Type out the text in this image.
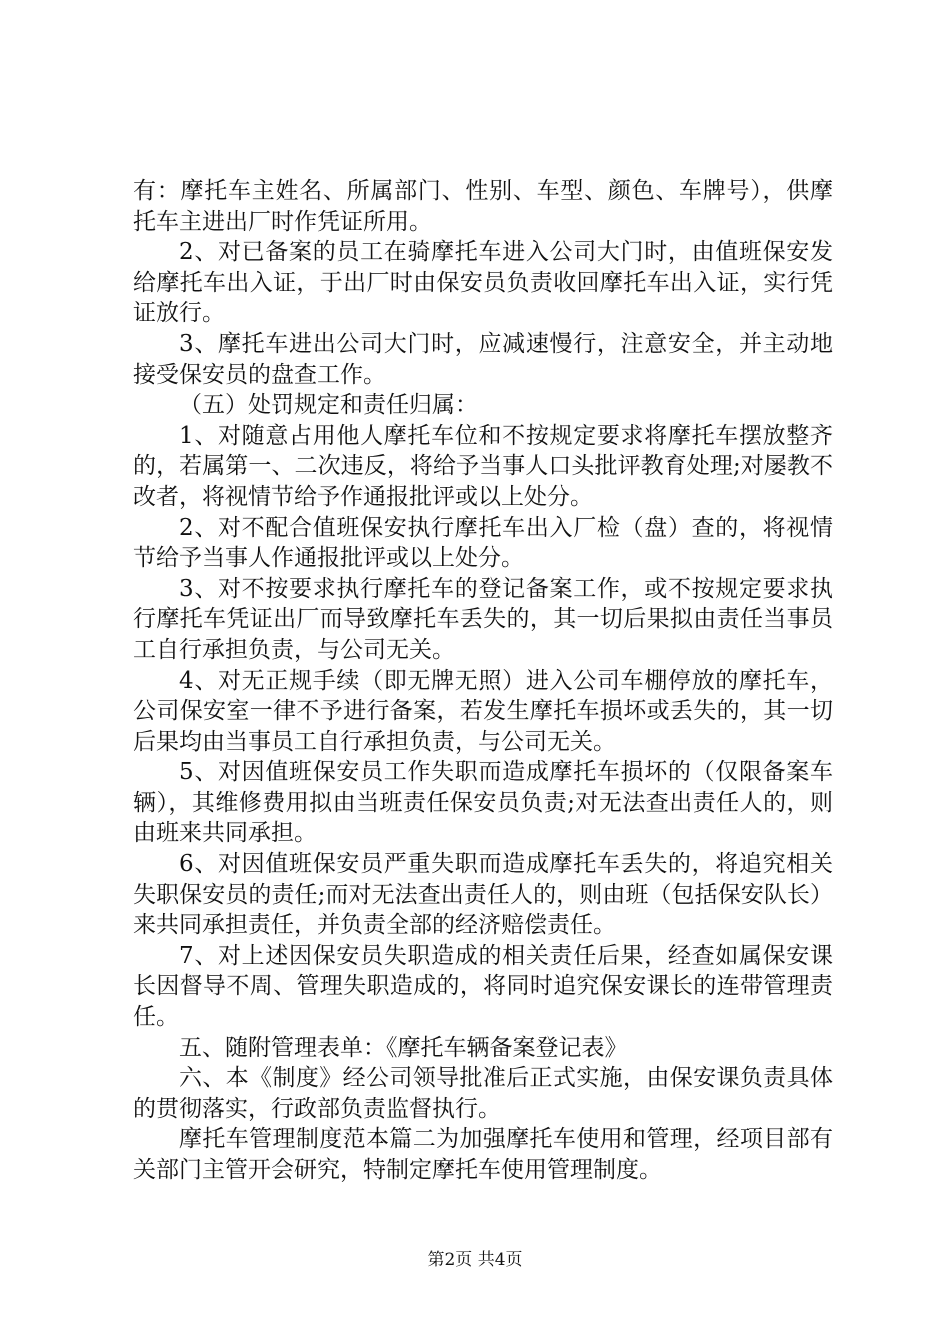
有：摩托车主姓名、所属部门、性别、车型、颜色、车牌号），供摩托车主进出厂时作凭证所用。

2、对已备案的员工在骑摩托车进入公司大门时，由值班保安发给摩托车出入证，于出厂时由保安员负责收回摩托车出入证，实行凭证放行。

3、摩托车进出公司大门时，应减速慢行，注意安全，并主动地接受保安员的盘查工作。

（五）处罚规定和责任归属：

1、对随意占用他人摩托车位和不按规定要求将摩托车摆放整齐的，若属第一、二次违反，将给予当事人口头批评教育处理;对屡教不改者，将视情节给予作通报批评或以上处分。

2、对不配合值班保安执行摩托车出入厂检（盘）查的，将视情节给予当事人作通报批评或以上处分。

3、对不按要求执行摩托车的登记备案工作，或不按规定要求执行摩托车凭证出厂而导致摩托车丢失的，其一切后果拟由责任当事员工自行承担负责，与公司无关。

4、对无正规手续（即无牌无照）进入公司车棚停放的摩托车，公司保安室一律不予进行备案，若发生摩托车损坏或丢失的，其一切后果均由当事员工自行承担负责，与公司无关。

5、对因值班保安员工作失职而造成摩托车损坏的（仅限备案车辆），其维修费用拟由当班责任保安员负责;对无法查出责任人的，则由班来共同承担。

6、对因值班保安员严重失职而造成摩托车丢失的，将追究相关失职保安员的责任;而对无法查出责任人的，则由班（包括保安队长）来共同承担责任，并负责全部的经济赔偿责任。

7、对上述因保安员失职造成的相关责任后果，经查如属保安课长因督导不周、管理失职造成的，将同时追究保安课长的连带管理责任。

五、随附管理表单：《摩托车辆备案登记表》

六、本《制度》经公司领导批准后正式实施，由保安课负责具体的贯彻落实，行政部负责监督执行。

摩托车管理制度范本篇二为加强摩托车使用和管理，经项目部有关部门主管开会研究，特制定摩托车使用管理制度。

第2页 共4页
